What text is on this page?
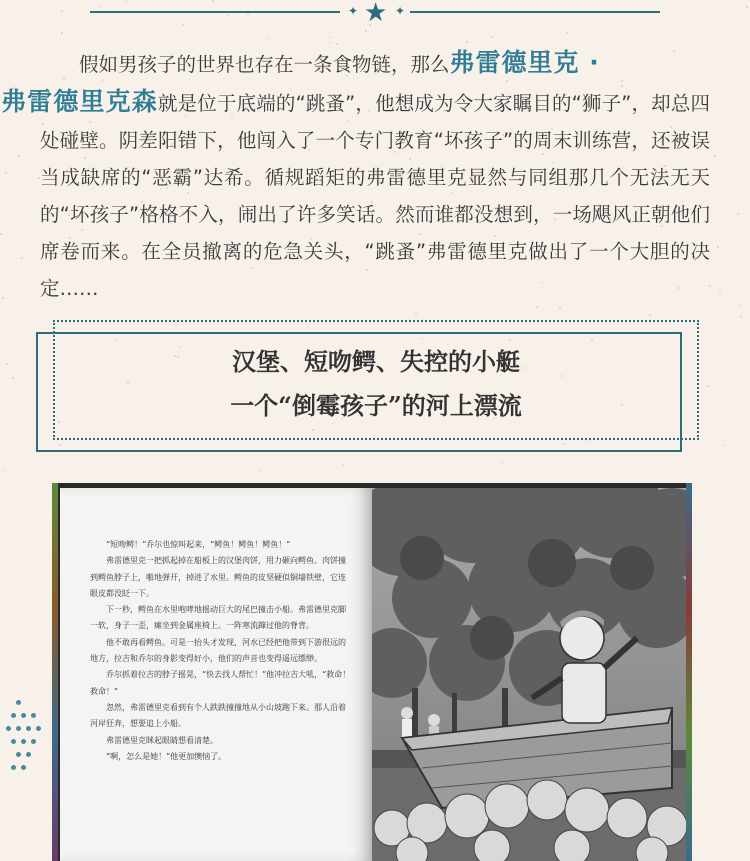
✦ ★ ✦

假如男孩子的世界也存在一条食物链，那么弗雷德里克 ·
弗雷德里克森就是位于底端的“跳蚤”，他想成为令大家瞩目的“狮子”，却总四处碰壁。阴差阳错下，他闯入了一个专门教育“坏孩子”的周末训练营，还被误当成缺席的“恶霸”达希。循规蹈矩的弗雷德里克显然与同组那几个无法无天的“坏孩子”格格不入，闹出了许多笑话。然而谁都没想到，一场飓风正朝他们席卷而来。在全员撤离的危急关头，“跳蚤”弗雷德里克做出了一个大胆的决定……

汉堡、短吻鳄、失控的小艇
一个“倒霉孩子”的河上漂流

“短吻鳄！”乔尔也惊叫起来，“鳄鱼！鳄鱼！鳄鱼！”

弗雷德里克一把抓起掉在船板上的汉堡肉饼，用力砸向鳄鱼。肉饼撞到鳄鱼脖子上，啪地弹开，掉进了水里。鳄鱼的皮坚硬似铜墙铁壁，它连眼皮都没眨一下。

下一秒，鳄鱼在水里咆哮地摇动巨大的尾巴撞击小船。弗雷德里克脚一软，身子一歪，瘫坐到金属座椅上。一阵寒流蹿过他的脊背。

他不敢再看鳄鱼。可是一抬头才发现，河水已经把他带到下游很远的地方，拉吉和乔尔的身影变得好小，他们的声音也变得遥远缥缈。

乔尔抓着拉吉的脖子摇晃，“快去找人帮忙！”他冲拉吉大吼，“救命！救命！”

忽然，弗雷德里克看到有个人跌跌撞撞地从小山坡跑下来。那人沿着河岸狂奔，想要追上小船。

弗雷德里克眯起眼睛想看清楚。

“啊，怎么是她！”他更加懊恼了。
